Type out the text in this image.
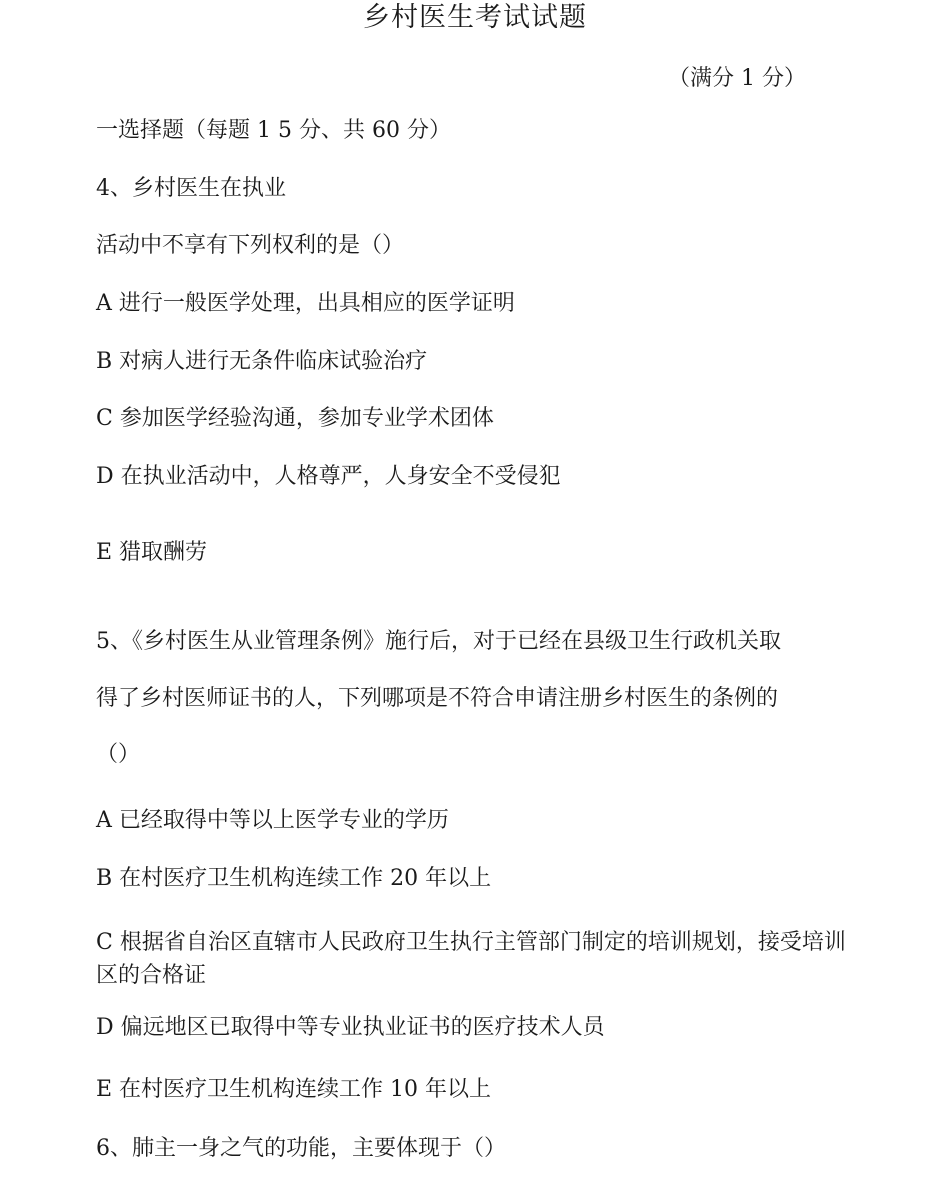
乡村医生考试试题
（满分 1 分）
一选择题（每题 1 5 分、共 60 分）
4、乡村医生在执业
活动中不享有下列权利的是（）
A 进行一般医学处理，出具相应的医学证明
B 对病人进行无条件临床试验治疗
C 参加医学经验沟通，参加专业学术团体
D 在执业活动中，人格尊严，人身安全不受侵犯
E 猎取酬劳
5、《乡村医生从业管理条例》施行后，对于已经在县级卫生行政机关取
得了乡村医师证书的人，下列哪项是不符合申请注册乡村医生的条例的
（）
A 已经取得中等以上医学专业的学历
B 在村医疗卫生机构连续工作 20 年以上
C 根据省自治区直辖市人民政府卫生执行主管部门制定的培训规划，接受培训区的合格证
D 偏远地区已取得中等专业执业证书的医疗技术人员
E 在村医疗卫生机构连续工作 10 年以上
6、肺主一身之气的功能，主要体现于（）
